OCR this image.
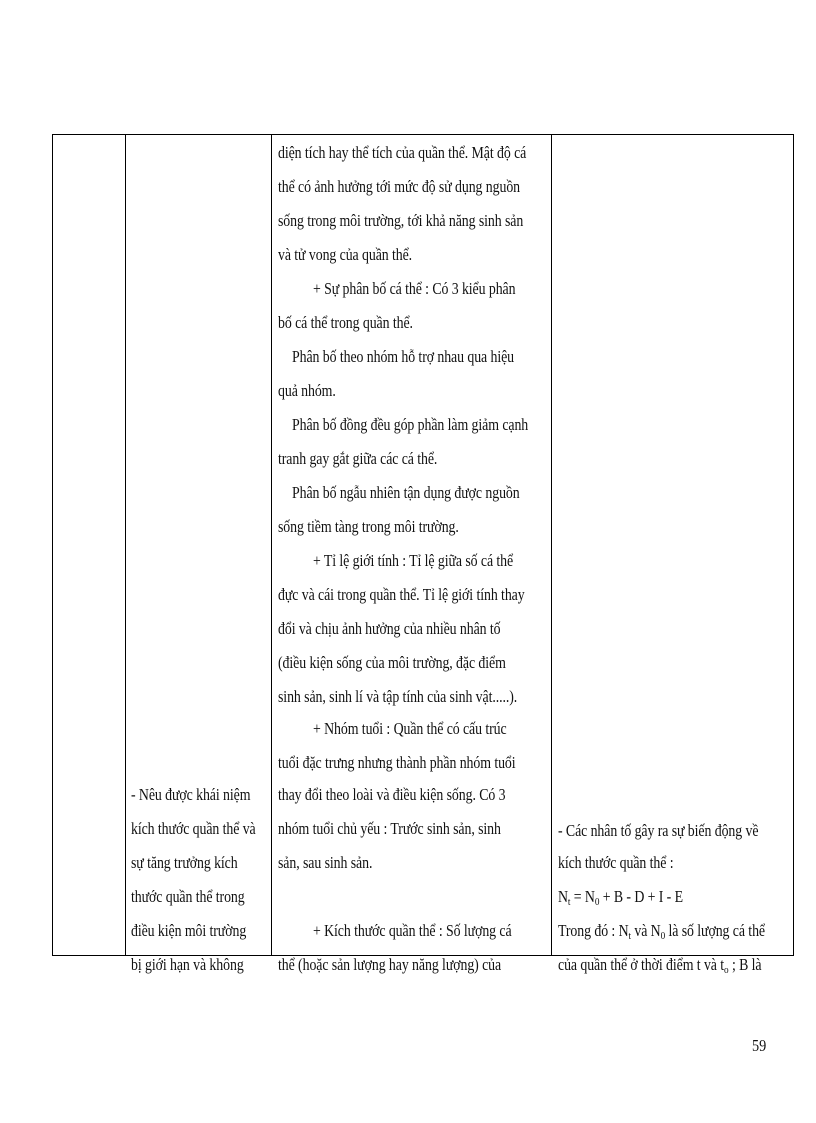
- Nêu được khái niệm
kích thước quần thể và
sự tăng trưởng kích
thước quần thể trong
điều kiện môi trường
bị giới hạn và không
diện tích hay thể tích của quần thể. Mật độ cá
thể có ảnh hưởng tới mức độ sử dụng nguồn
sống trong môi trường, tới khả năng sinh sản
và tử vong của quần thể.
+ Sự phân bố cá thể : Có 3 kiểu phân
bố cá thể trong quần thể.
Phân bố theo nhóm hỗ trợ nhau qua hiệu
quả nhóm.
Phân bố đồng đều góp phần làm giảm cạnh
tranh gay gắt giữa các cá thể.
Phân bố ngẫu nhiên tận dụng được nguồn
sống tiềm tàng trong môi trường.
+ Tỉ lệ giới tính : Tỉ lệ giữa số cá thể
đực và cái trong quần thể. Tỉ lệ giới tính thay
đổi và chịu ảnh hưởng của nhiều nhân tố
(điều kiện sống của môi trường, đặc điểm
sinh sản, sinh lí và tập tính của sinh vật.....).
+ Nhóm tuổi : Quần thể có cấu trúc
tuổi đặc trưng nhưng thành phần nhóm tuổi
thay đổi theo loài và điều kiện sống. Có 3
nhóm tuổi chủ yếu : Trước sinh sản, sinh
sản, sau sinh sản.
+ Kích thước quần thể : Số lượng cá
thể (hoặc sản lượng hay năng lượng) của
- Các nhân tố gây ra sự biến động về
kích thước quần thể :
$N_t = N_0 + B - D + I - E$
Trong đó : $N_t$ và $N_0$ là số lượng cá thể
của quần thể ở thời điểm t và $t_o$ ; B là
59
